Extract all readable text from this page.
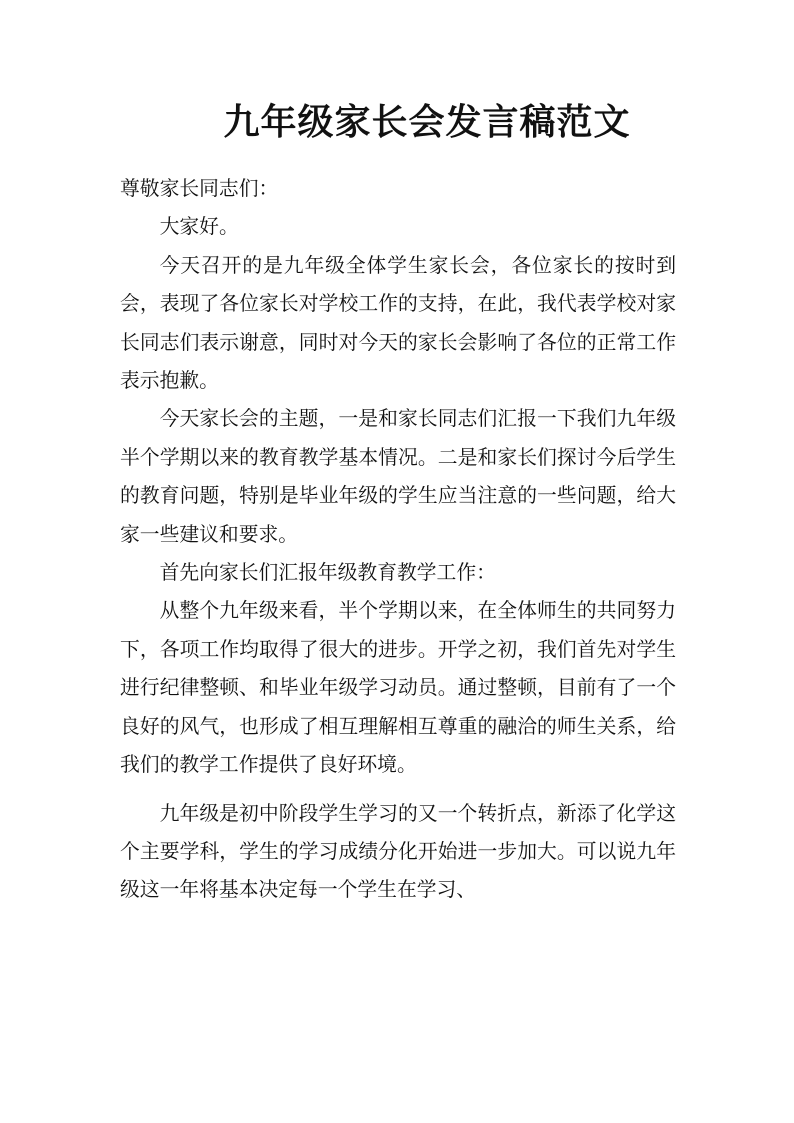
九年级家长会发言稿范文

尊敬家长同志们：

大家好。

今天召开的是九年级全体学生家长会，各位家长的按时到会，表现了各位家长对学校工作的支持，在此，我代表学校对家长同志们表示谢意，同时对今天的家长会影响了各位的正常工作表示抱歉。

今天家长会的主题，一是和家长同志们汇报一下我们九年级半个学期以来的教育教学基本情况。二是和家长们探讨今后学生的教育问题，特别是毕业年级的学生应当注意的一些问题，给大家一些建议和要求。

首先向家长们汇报年级教育教学工作：

从整个九年级来看，半个学期以来，在全体师生的共同努力下，各项工作均取得了很大的进步。开学之初，我们首先对学生进行纪律整顿、和毕业年级学习动员。通过整顿，目前有了一个良好的风气，也形成了相互理解相互尊重的融洽的师生关系，给我们的教学工作提供了良好环境。

九年级是初中阶段学生学习的又一个转折点，新添了化学这个主要学科，学生的学习成绩分化开始进一步加大。可以说九年级这一年将基本决定每一个学生在学习、
